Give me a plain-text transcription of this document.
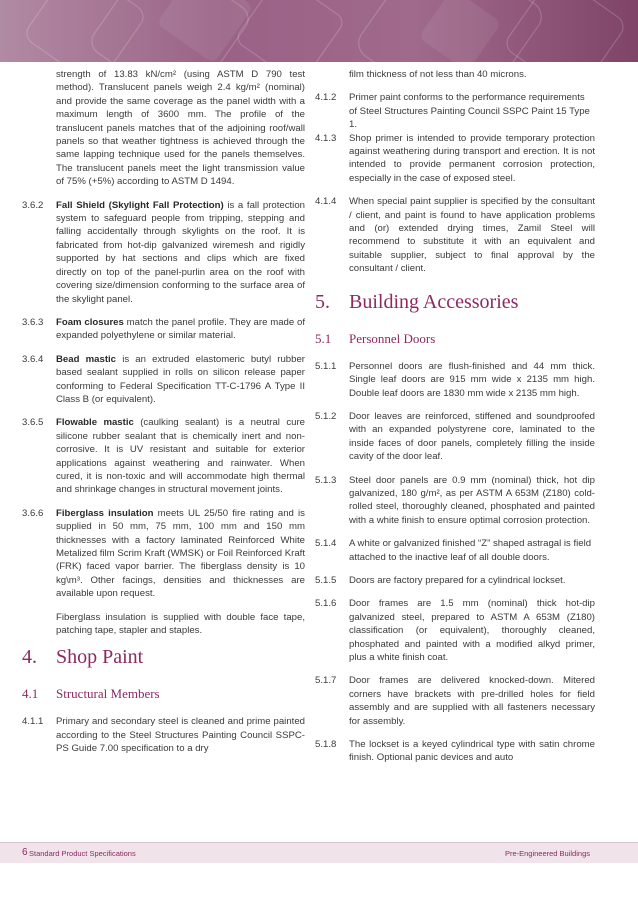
strength of 13.83 kN/cm² (using ASTM D 790 test method). Translucent panels weigh 2.4 kg/m² (nominal) and provide the same coverage as the panel width with a maximum length of 3600 mm. The profile of the translucent panels matches that of the adjoining roof/wall panels so that weather tightness is achieved through the same lapping technique used for the panels themselves. The translucent panels meet the light transmission value of 75% (+5%) according to ASTM D 1494.
3.6.2	Fall Shield (Skylight Fall Protection) is a fall protection system to safeguard people from tripping, stepping and falling accidentally through skylights on the roof. It is fabricated from hot-dip galvanized wiremesh and rigidly supported by hat sections and clips which are fixed directly on top of the panel-purlin area on the roof with covering size/dimension conforming to the surface area of the skylight panel.
3.6.3	Foam closures match the panel profile. They are made of expanded polyethylene or similar material.
3.6.4	Bead mastic is an extruded elastomeric butyl rubber based sealant supplied in rolls on silicon release paper conforming to Federal Specification TT-C-1796 A Type II Class B (or equivalent).
3.6.5	Flowable mastic (caulking sealant) is a neutral cure silicone rubber sealant that is chemically inert and non-corrosive. It is UV resistant and suitable for exterior applications against weathering and rainwater. When cured, it is non-toxic and will accommodate high thermal and shrinkage changes in structural movement joints.
3.6.6	Fiberglass insulation meets UL 25/50 fire rating and is supplied in 50 mm, 75 mm, 100 mm and 150 mm thicknesses with a factory laminated Reinforced White Metalized film Scrim Kraft (WMSK) or Foil Reinforced Kraft (FRK) faced vapor barrier. The fiberglass density is 10 kg\m³. Other facings, densities and thicknesses are available upon request.
Fiberglass insulation is supplied with double face tape, patching tape, stapler and staples.
4. Shop Paint
4.1	Structural Members
4.1.1	Primary and secondary steel is cleaned and prime painted according to the Steel Structures Painting Council SSPC-PS Guide 7.00 specification to a dry
film thickness of not less than 40 microns.
4.1.2	Primer paint conforms to the performance requirements of Steel Structures Painting Council SSPC Paint 15 Type 1.
4.1.3	Shop primer is intended to provide temporary protection against weathering during transport and erection. It is not intended to provide permanent corrosion protection, especially in the case of exposed steel.
4.1.4	When special paint supplier is specified by the consultant / client, and paint is found to have application problems and (or) extended drying times, Zamil Steel will recommend to substitute it with an equivalent and suitable supplier, subject to final approval by the consultant / client.
5. Building Accessories
5.1	Personnel Doors
5.1.1	Personnel doors are flush-finished and 44 mm thick. Single leaf doors are 915 mm wide x 2135 mm high. Double leaf doors are 1830 mm wide x 2135 mm high.
5.1.2	Door leaves are reinforced, stiffened and soundproofed with an expanded polystyrene core, laminated to the inside faces of door panels, completely filling the inside cavity of the door leaf.
5.1.3	Steel door panels are 0.9 mm (nominal) thick, hot dip galvanized, 180 g/m², as per ASTM A 653M (Z180) cold-rolled steel, thoroughly cleaned, phosphated and painted with a white finish to ensure optimal corrosion protection.
5.1.4	A white or galvanized finished “Z” shaped astragal is field attached to the inactive leaf of all double doors.
5.1.5	Doors are factory prepared for a cylindrical lockset.
5.1.6	Door frames are 1.5 mm (nominal) thick hot-dip galvanized steel, prepared to ASTM A 653M (Z180) classification (or equivalent), thoroughly cleaned, phosphated and painted with a modified alkyd primer, plus a white finish coat.
5.1.7	Door frames are delivered knocked-down. Mitered corners have brackets with pre-drilled holes for field assembly and are supplied with all fasteners necessary for assembly.
5.1.8	The lockset is a keyed cylindrical type with satin chrome finish. Optional panic devices and auto
6 Standard Product Specifications	Pre-Engineered Buildings
